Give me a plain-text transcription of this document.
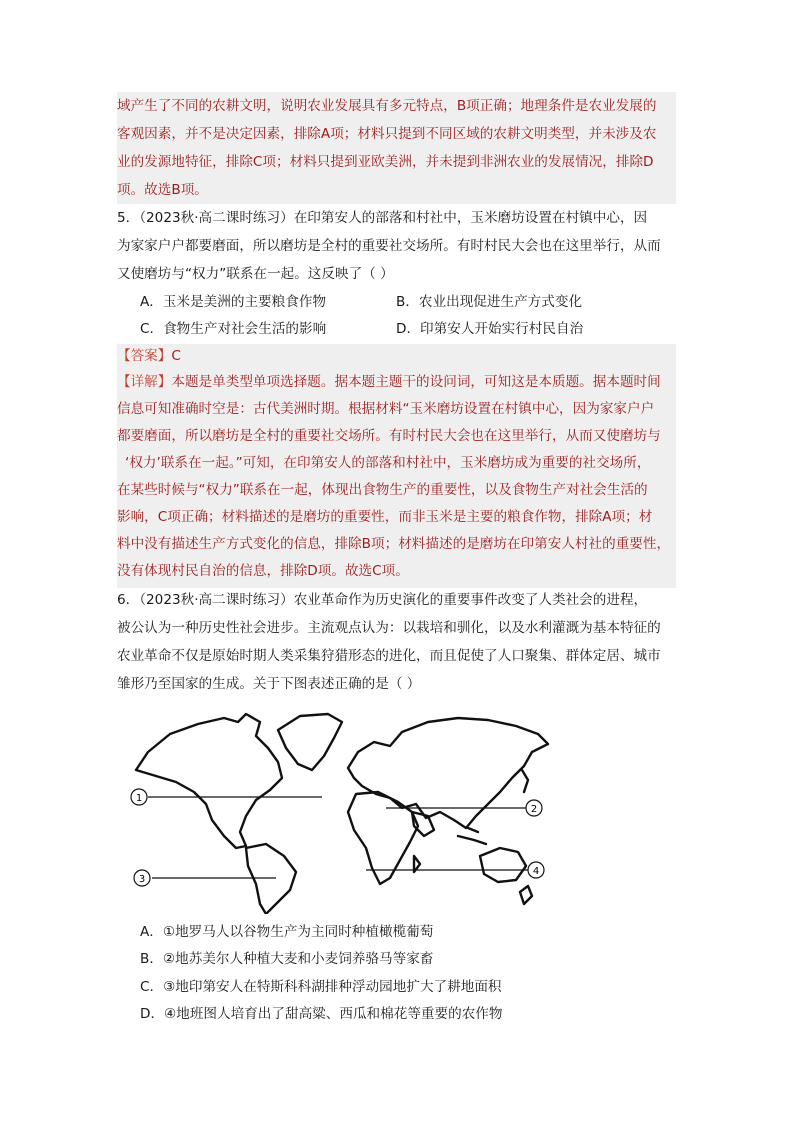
域产生了不同的农耕文明，说明农业发展具有多元特点，B项正确；地理条件是农业发展的
客观因素，并不是决定因素，排除A项；材料只提到不同区域的农耕文明类型，并未涉及农
业的发源地特征，排除C项；材料只提到亚欧美洲，并未提到非洲农业的发展情况，排除D
项。故选B项。
5．（2023秋·高二课时练习）在印第安人的部落和村社中，玉米磨坊设置在村镇中心，因
为家家户户都要磨面，所以磨坊是全村的重要社交场所。有时村民大会也在这里举行，从而
又使磨坊与“权力”联系在一起。这反映了（ ）
A．玉米是美洲的主要粮食作物	B．农业出现促进生产方式变化
C．食物生产对社会生活的影响	D．印第安人开始实行村民自治
【答案】C
【详解】本题是单类型单项选择题。据本题主题干的设问词，可知这是本质题。据本题时间
信息可知准确时空是：古代美洲时期。根据材料“玉米磨坊设置在村镇中心，因为家家户户
都要磨面，所以磨坊是全村的重要社交场所。有时村民大会也在这里举行，从而又使磨坊与
‘权力’联系在一起。”可知，在印第安人的部落和村社中，玉米磨坊成为重要的社交场所，
在某些时候与“权力”联系在一起，体现出食物生产的重要性，以及食物生产对社会生活的
影响，C项正确；材料描述的是磨坊的重要性，而非玉米是主要的粮食作物，排除A项；材
料中没有描述生产方式变化的信息，排除B项；材料描述的是磨坊在印第安人村社的重要性，
没有体现村民自治的信息，排除D项。故选C项。
6．（2023秋·高二课时练习）农业革命作为历史演化的重要事件改变了人类社会的进程，
被公认为一种历史性社会进步。主流观点认为：以栽培和驯化，以及水利灌溉为基本特征的
农业革命不仅是原始时期人类采集狩猎形态的进化，而且促使了人口聚集、群体定居、城市
雏形乃至国家的生成。关于下图表述正确的是（ ）
1
2
3
4
A．①地罗马人以谷物生产为主同时种植橄榄葡萄
B．②地苏美尔人种植大麦和小麦饲养骆马等家畜
C．③地印第安人在特斯科科湖排种浮动园地扩大了耕地面积
D．④地班图人培育出了甜高粱、西瓜和棉花等重要的农作物
